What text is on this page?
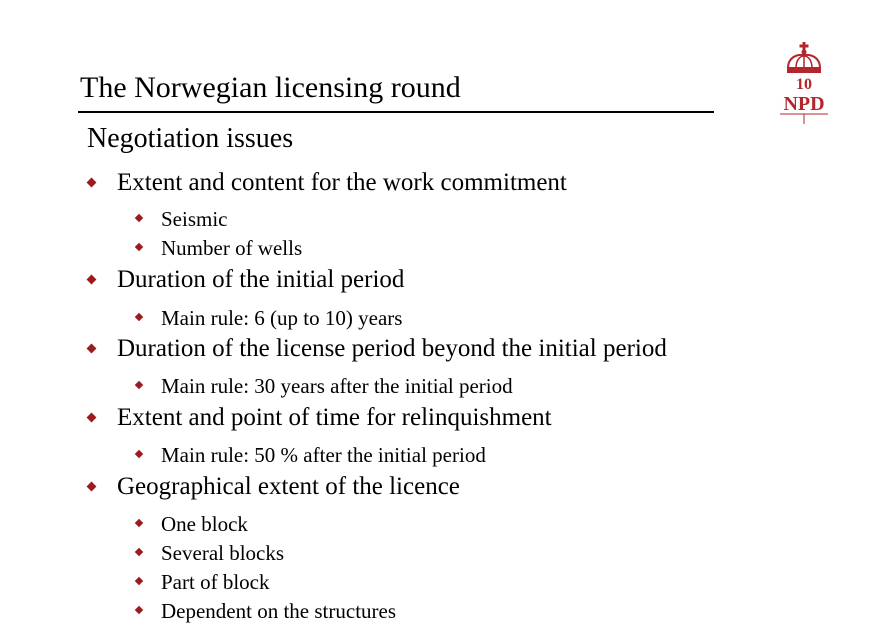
The Norwegian licensing round
Negotiation issues
10
NPD
Extent and content for the work commitment
Seismic
Number of wells
Duration of the initial period
Main rule: 6 (up to 10) years
Duration of the license period beyond the initial period
Main rule: 30 years after the initial period
Extent and point of time for relinquishment
Main rule: 50 % after the initial period
Geographical extent of the licence
One block
Several blocks
Part of block
Dependent on the structures
